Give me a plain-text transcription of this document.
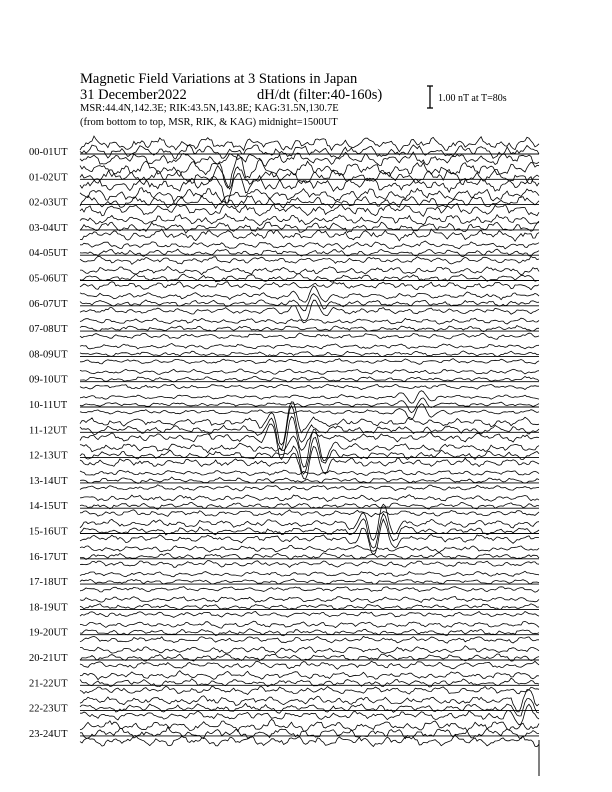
Magnetic Field Variations at 3 Stations in Japan
31 December2022	dH/dt (filter:40-160s)
MSR:44.4N,142.3E; RIK:43.5N,143.8E; KAG:31.5N,130.7E
(from bottom to top, MSR, RIK, & KAG) midnight=1500UT
1.00 nT at T=80s
00-01UT
01-02UT
02-03UT
03-04UT
04-05UT
05-06UT
06-07UT
07-08UT
08-09UT
09-10UT
10-11UT
11-12UT
12-13UT
13-14UT
14-15UT
15-16UT
16-17UT
17-18UT
18-19UT
19-20UT
20-21UT
21-22UT
22-23UT
23-24UT
